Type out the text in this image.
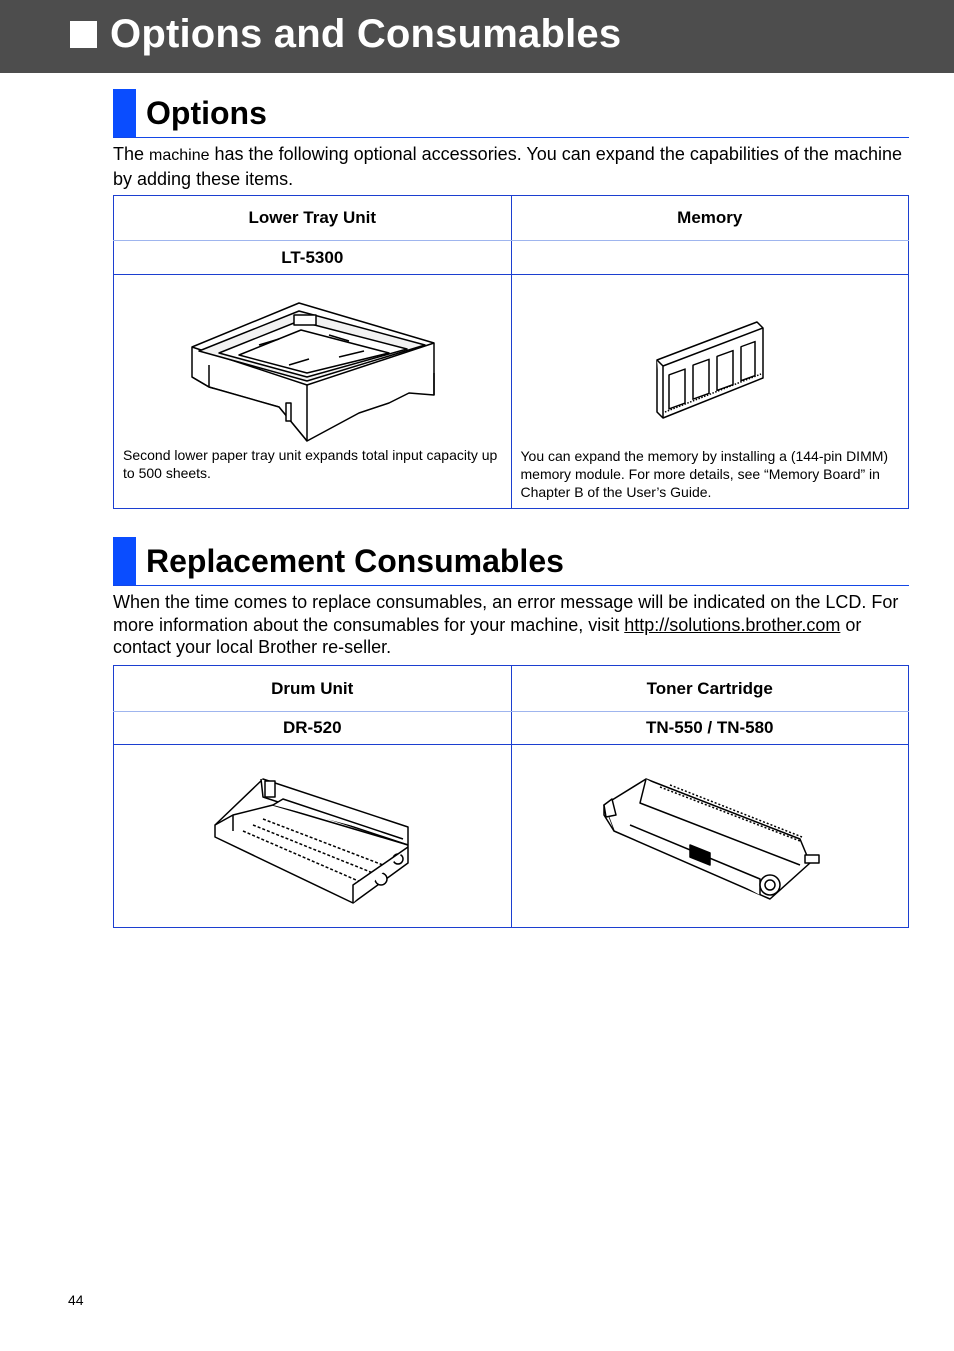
Options and Consumables
Options

The machine has the following optional accessories. You can expand the capabilities of the machine by adding these items.

Lower Tray Unit	Memory
LT-5300	

Second lower paper tray unit expands total input capacity up to 500 sheets.	You can expand the memory by installing a (144-pin DIMM) memory module. For more details, see “Memory Board” in Chapter B of the User’s Guide.
Replacement Consumables

When the time comes to replace consumables, an error message will be indicated on the LCD. For more information about the consumables for your machine, visit http://solutions.brother.com or contact your local Brother re-seller.

Drum Unit	Toner Cartridge
DR-520	TN-550 / TN-580

44
